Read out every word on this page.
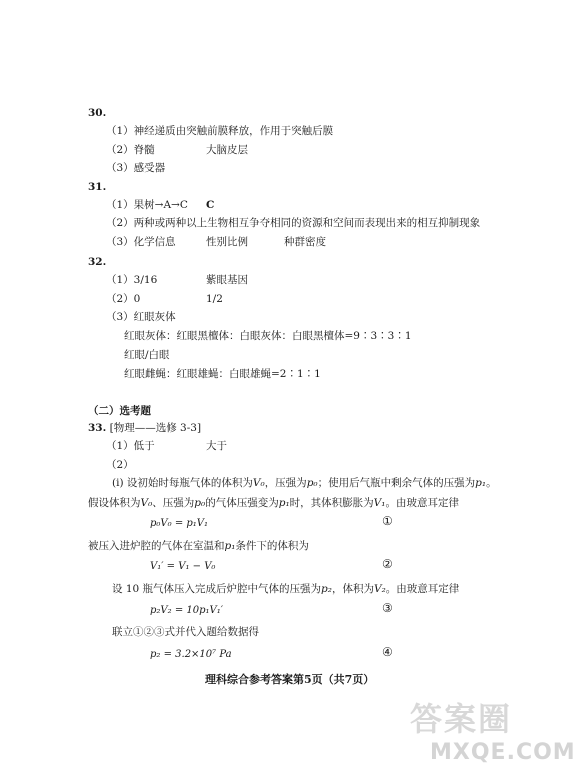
30.
（1）神经递质由突触前膜释放，作用于突触后膜
（2）脊髓	大脑皮层
（3）感受器
31.
（1）果树→A→C C
（2）两种或两种以上生物相互争夺相同的资源和空间而表现出来的相互抑制现象
（3）化学信息	性别比例	种群密度
32.
（1）3/16	紫眼基因
（2）0	1/2
（3）红眼灰体
红眼灰体：红眼黑檀体：白眼灰体：白眼黑檀体=9∶3∶3∶1
红眼/白眼
红眼雌蝇：红眼雄蝇：白眼雄蝇=2∶1∶1
（二）选考题
33. [物理——选修 3-3]
（1）低于	大于
（2）
(i) 设初始时每瓶气体的体积为V₀，压强为p₀；使用后气瓶中剩余气体的压强为p₁。
假设体积为V₀、压强为p₀的气体压强变为p₁时，其体积膨胀为V₁。由玻意耳定律
p₀V₀ = p₁V₁	①
被压入进炉腔的气体在室温和p₁条件下的体积为
V₁′ = V₁ − V₀	②
设 10 瓶气体压入完成后炉腔中气体的压强为p₂，体积为V₂。由玻意耳定律
p₂V₂ = 10p₁V₁′	③
联立①②③式并代入题给数据得
p₂ = 3.2×10⁷ Pa	④
理科综合参考答案第5页（共7页）
答案圈
MXQE.COM
